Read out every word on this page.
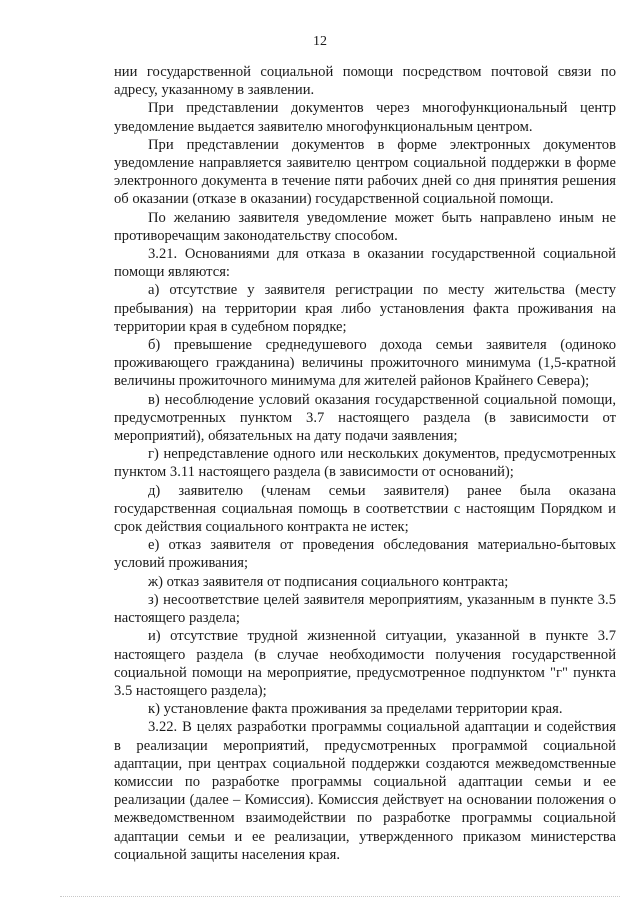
12

нии государственной социальной помощи посредством почтовой связи по адресу, указанному в заявлении.

При представлении документов через многофункциональный центр уведомление выдается заявителю многофункциональным центром.

При представлении документов в форме электронных документов уведомление направляется заявителю центром социальной поддержки в форме электронного документа в течение пяти рабочих дней со дня принятия решения об оказании (отказе в оказании) государственной социальной помощи.

По желанию заявителя уведомление может быть направлено иным не противоречащим законодательству способом.

3.21. Основаниями для отказа в оказании государственной социальной помощи являются:

а) отсутствие у заявителя регистрации по месту жительства (месту пребывания) на территории края либо установления факта проживания на территории края в судебном порядке;

б) превышение среднедушевого дохода семьи заявителя (одиноко проживающего гражданина) величины прожиточного минимума (1,5-кратной величины прожиточного минимума для жителей районов Крайнего Севера);

в) несоблюдение условий оказания государственной социальной помощи, предусмотренных пунктом 3.7 настоящего раздела (в зависимости от мероприятий), обязательных на дату подачи заявления;

г) непредставление одного или нескольких документов, предусмотренных пунктом 3.11 настоящего раздела (в зависимости от оснований);

д) заявителю (членам семьи заявителя) ранее была оказана государственная социальная помощь в соответствии с настоящим Порядком и срок действия социального контракта не истек;

е) отказ заявителя от проведения обследования материально-бытовых условий проживания;

ж) отказ заявителя от подписания социального контракта;

з) несоответствие целей заявителя мероприятиям, указанным в пункте 3.5 настоящего раздела;

и) отсутствие трудной жизненной ситуации, указанной в пункте 3.7 настоящего раздела (в случае необходимости получения государственной социальной помощи на мероприятие, предусмотренное подпунктом "г" пункта 3.5 настоящего раздела);

к) установление факта проживания за пределами территории края.

3.22. В целях разработки программы социальной адаптации и содействия в реализации мероприятий, предусмотренных программой социальной адаптации, при центрах социальной поддержки создаются межведомственные комиссии по разработке программы социальной адаптации семьи и ее реализации (далее – Комиссия). Комиссия действует на основании положения о межведомственном взаимодействии по разработке программы социальной адаптации семьи и ее реализации, утвержденного приказом министерства социальной защиты населения края.
